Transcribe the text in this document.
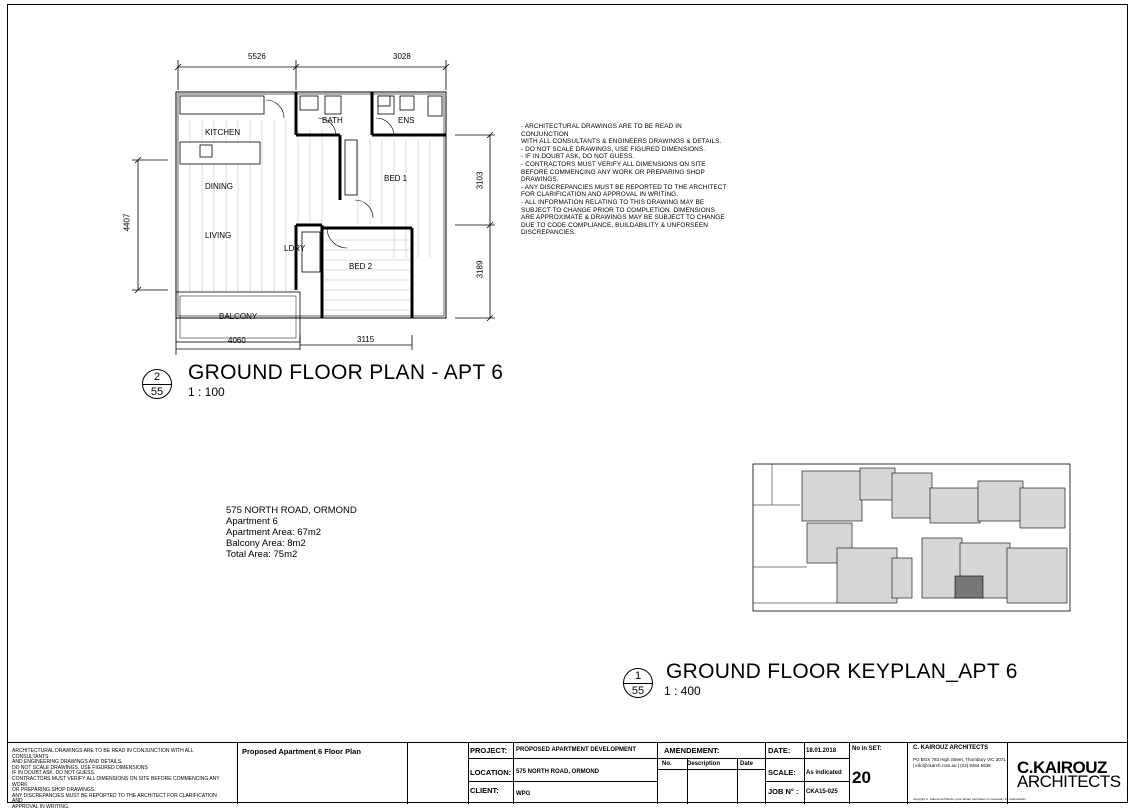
KITCHEN
DINING
LIVING
BATH	ENS
BED 1
BED 2
LDRY
BALCONY
5526	3028
4407
3103
3189
3115
4060
- ARCHITECTURAL DRAWINGS ARE TO BE READ IN
CONJUNCTION
WITH ALL CONSULTANTS & ENGINEERS DRAWINGS & DETAILS.
- DO NOT SCALE DRAWINGS, USE FIGURED DIMENSIONS.
- IF IN DOUBT ASK, DO NOT GUESS.
- CONTRACTORS MUST VERIFY ALL DIMENSIONS ON SITE
BEFORE COMMENCING ANY WORK OR PREPARING SHOP
DRAWINGS.
- ANY DISCREPANCIES MUST BE REPORTED TO THE ARCHITECT
FOR CLARIFICATION AND APPROVAL IN WRITING.
- ALL INFORMATION RELATING TO THIS DRAWING MAY BE
SUBJECT TO CHANGE PRIOR TO COMPLETION. DIMENSIONS
ARE APPROXIMATE & DRAWINGS MAY BE SUBJECT TO CHANGE
DUE TO CODE COMPLIANCE, BUILDABILITY & UNFORSEEN
DISCREPANCIES.
2
55
GROUND FLOOR PLAN - APT 6
1 : 100
575 NORTH ROAD, ORMOND
Apartment 6
Apartment Area: 67m2
Balcony Area: 8m2
Total Area: 75m2
1
55
GROUND FLOOR KEYPLAN_APT 6
1 : 400
ARCHITECTURAL DRAWINGS ARE TO BE READ IN CONJUNCTION WITH ALL CONSULTANTS
AND ENGINEERING DRAWINGS AND DETAILS.
DO NOT SCALE DRAWINGS. USE FIGURED DIMENSIONS
IF IN DOUBT ASK. DO NOT GUESS.
CONTRACTORS MUST VERIFY ALL DIMENSIONS ON SITE BEFORE COMMENCING ANY WORK
OR PREPARING SHOP DRAWINGS.
ANY DISCREPANCIES MUST BE REPORTED TO THE ARCHITECT FOR CLARIFICATION AND
APPROVAL IN WRITING.
Proposed Apartment 6 Floor Plan	PROJECT: PROPOSED APARTMENT DEVELOPMENT
LOCATION: 575 NORTH ROAD, ORMOND
CLIENT:	WPG
AMENDEMENT:
No.	Description	Date
DATE:	18.01.2018
SCALE: As indicated
JOB N° : CKA15-025
No in SET:
20
C. KAIROUZ ARCHITECTS
PO BOX 793 High Street, Thornbury VIC 3071
| info@ckarch.com.au | (03) 9484 6535
copyright C. Kairouz Architects, prior written permission is necessary for reproduction
C.KAIROUZ
ARCHITECTS
